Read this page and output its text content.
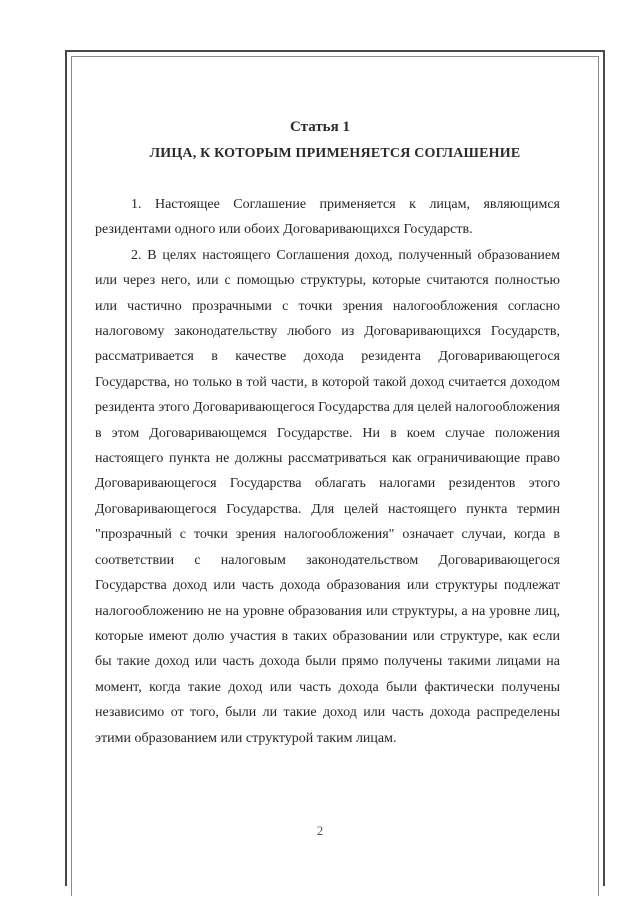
Статья 1
ЛИЦА, К КОТОРЫМ ПРИМЕНЯЕТСЯ СОГЛАШЕНИЕ

1. Настоящее Соглашение применяется к лицам, являющимся резидентами одного или обоих Договаривающихся Государств.

2. В целях настоящего Соглашения доход, полученный образованием или через него, или с помощью структуры, которые считаются полностью или частично прозрачными с точки зрения налогообложения согласно налоговому законодательству любого из Договаривающихся Государств, рассматривается в качестве дохода резидента Договаривающегося Государства, но только в той части, в которой такой доход считается доходом резидента этого Договаривающегося Государства для целей налогообложения в этом Договаривающемся Государстве. Ни в коем случае положения настоящего пункта не должны рассматриваться как ограничивающие право Договаривающегося Государства облагать налогами резидентов этого Договаривающегося Государства. Для целей настоящего пункта термин "прозрачный с точки зрения налогообложения" означает случаи, когда в соответствии с налоговым законодательством Договаривающегося Государства доход или часть дохода образования или структуры подлежат налогообложению не на уровне образования или структуры, а на уровне лиц, которые имеют долю участия в таких образовании или структуре, как если бы такие доход или часть дохода были прямо получены такими лицами на момент, когда такие доход или часть дохода были фактически получены независимо от того, были ли такие доход или часть дохода распределены этими образованием или структурой таким лицам.

2
